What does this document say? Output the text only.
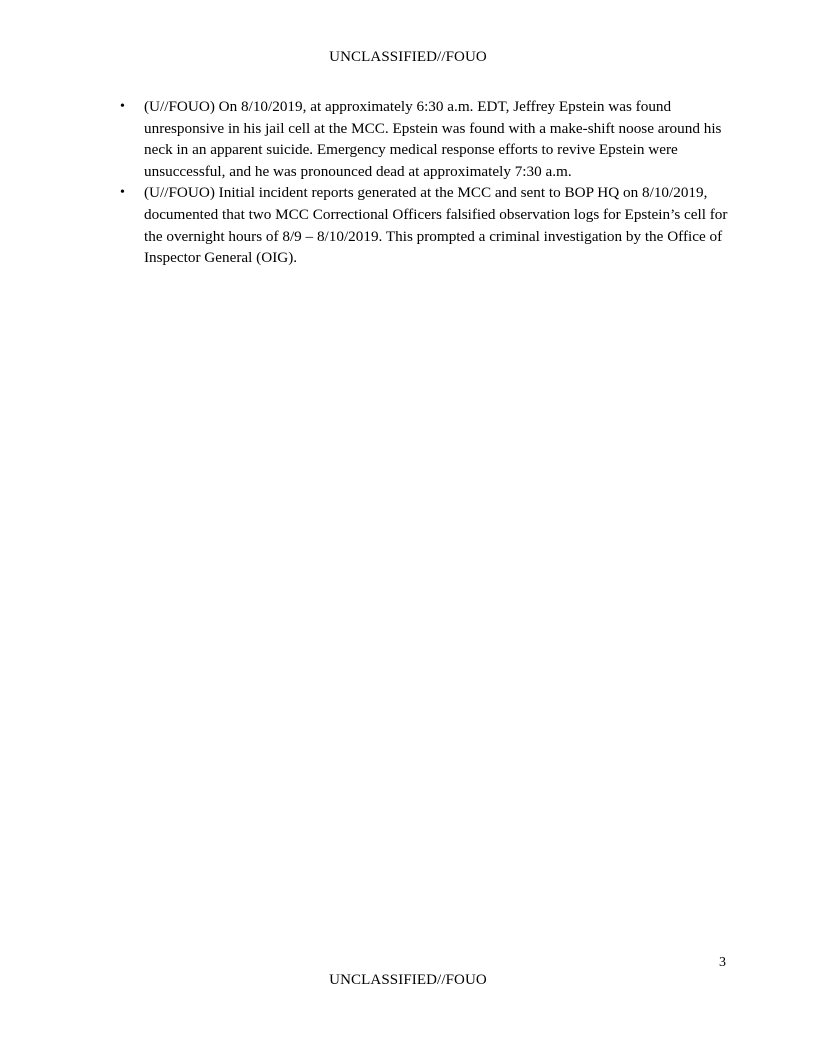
UNCLASSIFIED//FOUO
• (U//FOUO) On 8/10/2019, at approximately 6:30 a.m. EDT, Jeffrey Epstein was found unresponsive in his jail cell at the MCC. Epstein was found with a make-shift noose around his neck in an apparent suicide. Emergency medical response efforts to revive Epstein were unsuccessful, and he was pronounced dead at approximately 7:30 a.m.
• (U//FOUO) Initial incident reports generated at the MCC and sent to BOP HQ on 8/10/2019, documented that two MCC Correctional Officers falsified observation logs for Epstein’s cell for the overnight hours of 8/9 – 8/10/2019. This prompted a criminal investigation by the Office of Inspector General (OIG).
3
UNCLASSIFIED//FOUO
